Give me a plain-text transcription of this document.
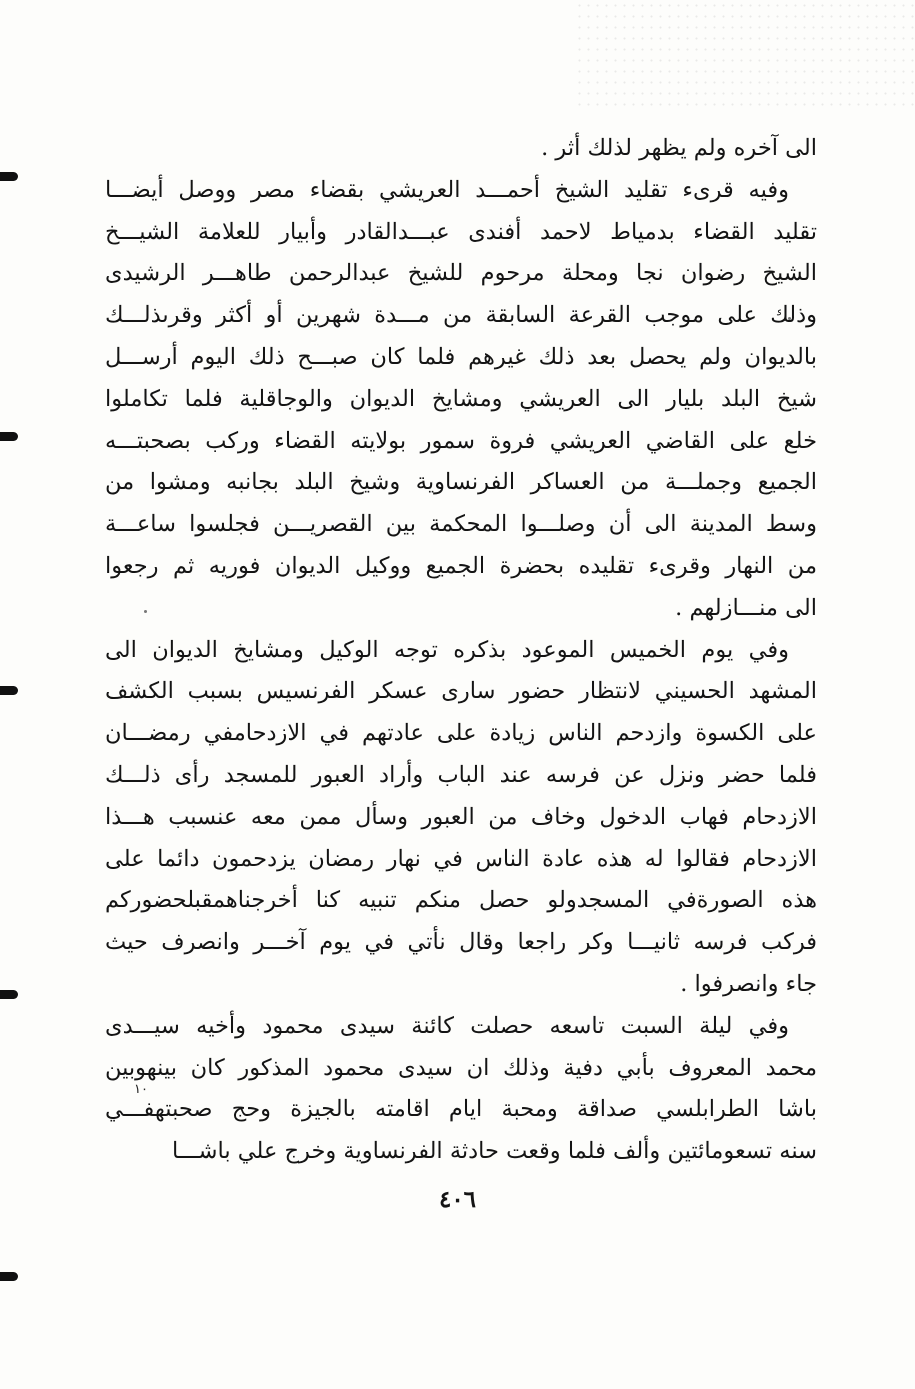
الى آخره ولم يظهر لذلك أثر .
وفيه قرىء تقليد الشيخ أحمـــد العريشي بقضاء مصر ووصل أيضـــا
تقليد القضاء بدمياط لاحمد أفندى عبـــدالقادر وأبيار للعلامة الشيـــخ
الشيخ رضوان نجا ومحلة مرحوم للشيخ عبدالرحمن طاهـــر الرشيدى
وذلك على موجب القرعة السابقة من مـــدة شهرين أو أكثر وقرىذلـــك
بالديوان ولم يحصل بعد ذلك غيرهم فلما كان صبـــح ذلك اليوم أرســـل
شيخ البلد بليار الى العريشي ومشايخ الديوان والوجاقلية فلما تكاملوا
خلع على القاضي العريشي فروة سمور بولايته القضاء وركب بصحبتـــه
الجميع وجملـــة من العساكر الفرنساوية وشيخ البلد بجانبه ومشوا من
وسط المدينة الى أن وصلـــوا المحكمة بين القصريـــن فجلسوا ساعـــة
من النهار وقرىء تقليده بحضرة الجميع ووكيل الديوان فوريه ثم رجعوا
الى منـــازلهم .
وفي يوم الخميس الموعود بذكره توجه الوكيل ومشايخ الديوان الى
المشهد الحسيني لانتظار حضور سارى عسكر الفرنسيس بسبب الكشف
على الكسوة وازدحم الناس زيادة على عادتهم في الازدحامفي رمضـــان
فلما حضر ونزل عن فرسه عند الباب وأراد العبور للمسجد رأى ذلـــك
الازدحام فهاب الدخول وخاف من العبور وسأل ممن معه عنسبب هـــذا
الازدحام فقالوا له هذه عادة الناس في نهار رمضان يزدحمون دائما على
هذه الصورةفي المسجدولو حصل منكم تنبيه كنا أخرجناهمقبلحضوركم
فركب فرسه ثانيـــا وكر راجعا وقال نأتي في يوم آخـــر وانصرف حيث
جاء وانصرفوا .
وفي ليلة السبت تاسعه حصلت كائنة سيدى محمود وأخيه سيـــدى
محمد المعروف بأبي دفية وذلك ان سيدى محمود المذكور كان بينهوبين
باشا الطرابلسي صداقة ومحبة ايام اقامته بالجيزة وحج صحبتهفـــي
سنه تسعومائتين وألف فلما وقعت حادثة الفرنساوية وخرج علي باشـــا
١٠
٤٠٦
